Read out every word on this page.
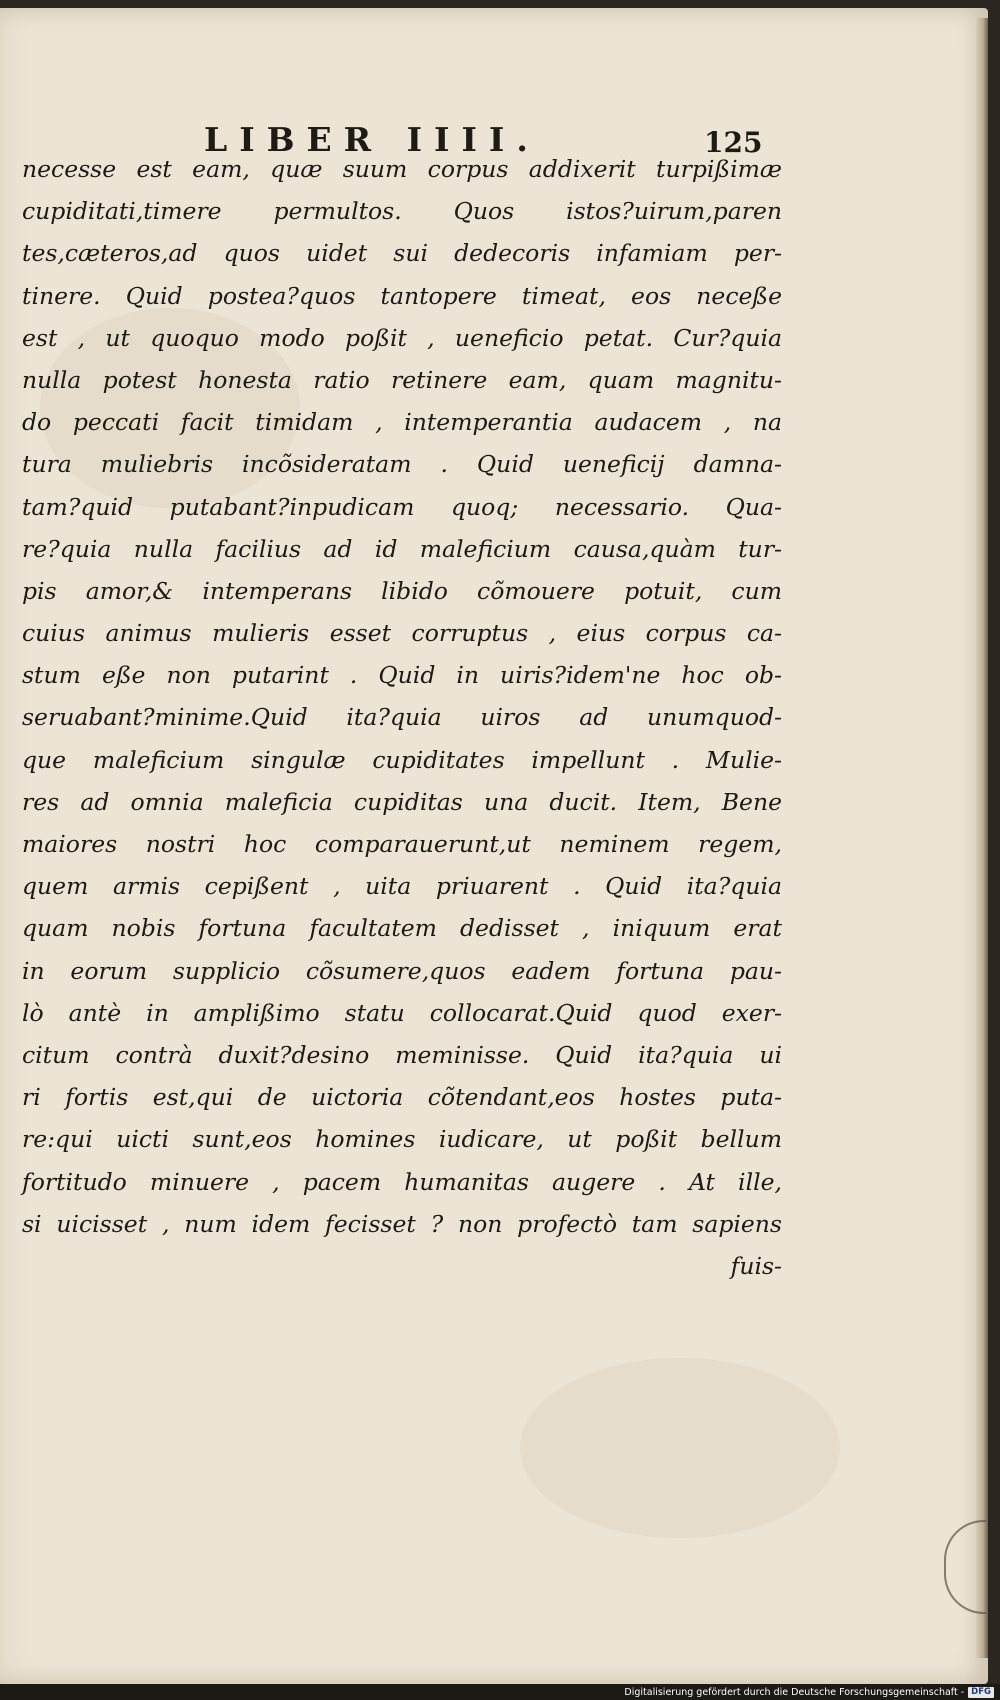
LIBER IIII.	125
necesse est eam, quæ suum corpus addixerit turpißimæ
cupiditati,timere permultos. Quos istos?uirum,paren
tes,cæteros,ad quos uidet sui dedecoris infamiam per-
tinere. Quid postea?quos tantopere timeat, eos neceße
est , ut quoquo modo poßit , ueneficio petat. Cur?quia
nulla potest honesta ratio retinere eam, quam magnitu-
do peccati facit timidam , intemperantia audacem , na
tura muliebris incõsideratam . Quid ueneficij damna-
tam?quid putabant?inpudicam quoq; necessario. Qua-
re?quia nulla facilius ad id maleficium causa,quàm tur-
pis amor,& intemperans libido cõmouere potuit, cum
cuius animus mulieris esset corruptus , eius corpus ca-
stum eße non putarint . Quid in uiris?idem'ne hoc ob-
seruabant?minime.Quid ita?quia uiros ad unumquod-
que maleficium singulæ cupiditates impellunt . Mulie-
res ad omnia maleficia cupiditas una ducit. Item, Bene
maiores nostri hoc comparauerunt,ut neminem regem,
quem armis cepißent , uita priuarent . Quid ita?quia
quam nobis fortuna facultatem dedisset , iniquum erat
in eorum supplicio cõsumere,quos eadem fortuna pau-
lò antè in amplißimo statu collocarat.Quid quod exer-
citum contrà duxit?desino meminisse. Quid ita?quia ui
ri fortis est,qui de uictoria cõtendant,eos hostes puta-
re:qui uicti sunt,eos homines iudicare, ut poßit bellum
fortitudo minuere , pacem humanitas augere . At ille,
si uicisset , num idem fecisset ? non profectò tam sapiens
fuis-
Digitalisierung gefördert durch die Deutsche Forschungsgemeinschaft - DFG
